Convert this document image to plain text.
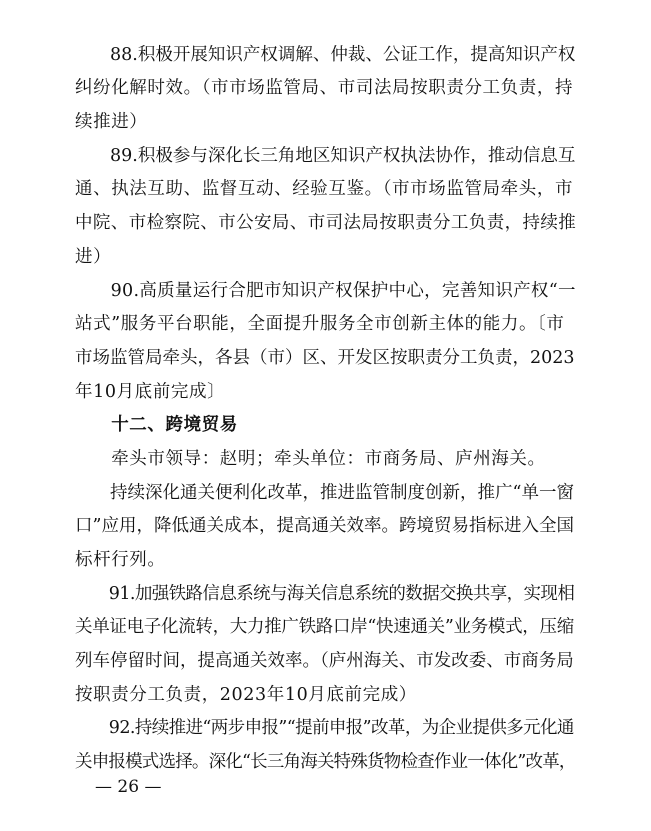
　　88.积极开展知识产权调解、仲裁、公证工作，提高知识产权
纠纷化解时效。（市市场监管局、市司法局按职责分工负责，持
续推进）
　　89.积极参与深化长三角地区知识产权执法协作，推动信息互
通、执法互助、监督互动、经验互鉴。（市市场监管局牵头，市
中院、市检察院、市公安局、市司法局按职责分工负责，持续推
进）
　　90.高质量运行合肥市知识产权保护中心，完善知识产权“一
站式”服务平台职能，全面提升服务全市创新主体的能力。〔市
市场监管局牵头，各县（市）区、开发区按职责分工负责，2023
年10月底前完成〕
　　十二、跨境贸易
　　牵头市领导：赵明；牵头单位：市商务局、庐州海关。
　　持续深化通关便利化改革，推进监管制度创新，推广“单一窗
口”应用，降低通关成本，提高通关效率。跨境贸易指标进入全国
标杆行列。
　　91.加强铁路信息系统与海关信息系统的数据交换共享，实现相
关单证电子化流转，大力推广铁路口岸“快速通关”业务模式，压缩
列车停留时间，提高通关效率。（庐州海关、市发改委、市商务局
按职责分工负责，2023年10月底前完成）
　　92.持续推进“两步申报”“提前申报”改革，为企业提供多元化通
关申报模式选择。深化“长三角海关特殊货物检查作业一体化”改革，
— 26 —
